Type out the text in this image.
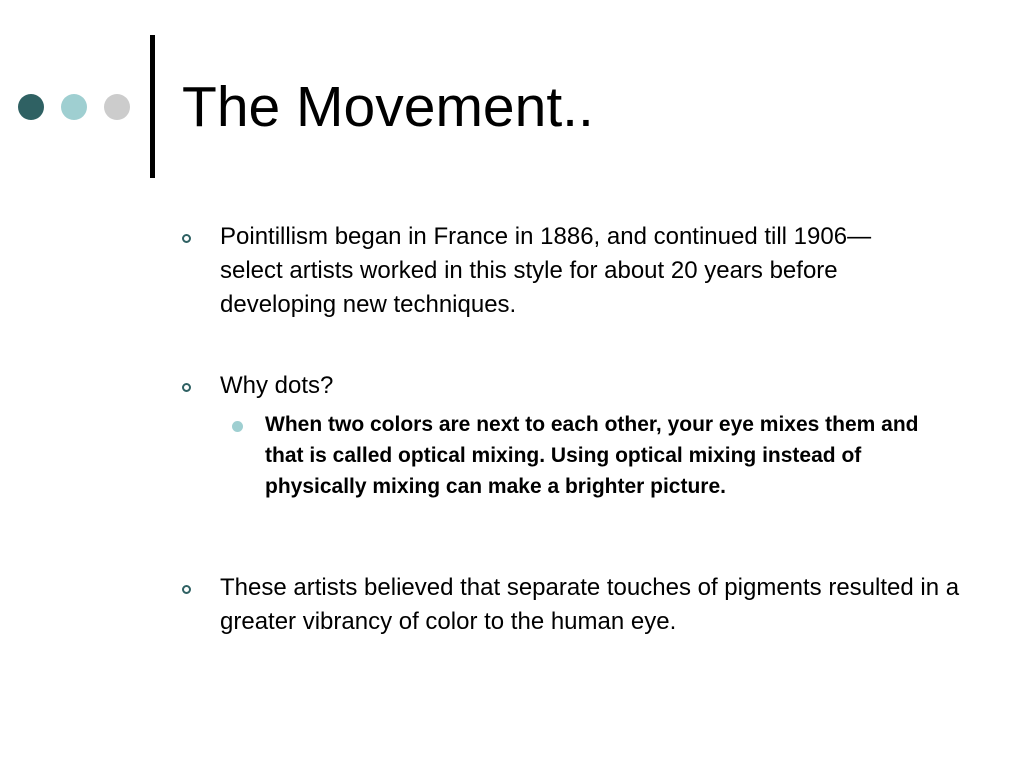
The Movement..

Pointillism began in France in 1886, and continued till 1906—select artists worked in this style for about 20 years before developing new techniques.

Why dots?

When two colors are next to each other, your eye mixes them and that is called optical mixing. Using optical mixing instead of physically mixing can make a brighter picture.

These artists believed that separate touches of pigments resulted in a greater vibrancy of color to the human eye.
